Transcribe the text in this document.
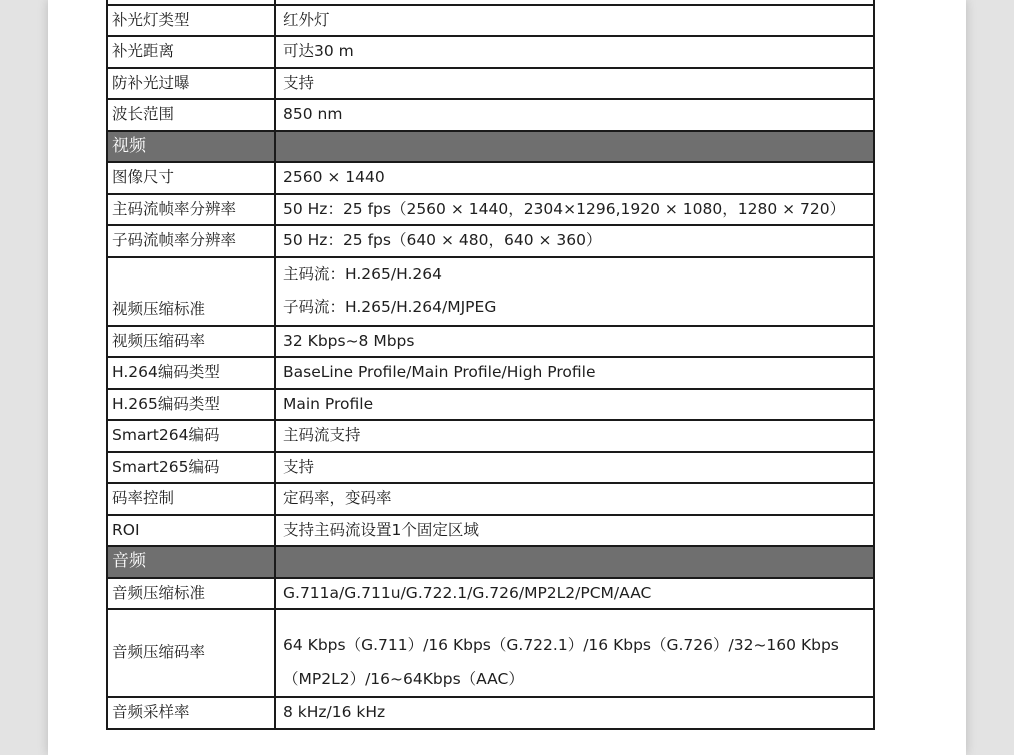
补光灯类型	红外灯
补光距离	可达30 m
防补光过曝	支持
波长范围	850 nm
视频	
图像尺寸	2560 × 1440
主码流帧率分辨率	50 Hz：25 fps（2560 × 1440，2304×1296,1920 × 1080，1280 × 720）
子码流帧率分辨率	50 Hz：25 fps（640 × 480，640 × 360）
视频压缩标准	主码流：H.265/H.264
子码流：H.265/H.264/MJPEG

视频压缩码率	32 Kbps~8 Mbps
H.264编码类型	BaseLine Profile/Main Profile/High Profile
H.265编码类型	Main Profile
Smart264编码	主码流支持
Smart265编码	支持
码率控制	定码率，变码率
ROI	支持主码流设置1个固定区域
音频	
音频压缩标准	G.711a/G.711u/G.722.1/G.726/MP2L2/PCM/AAC
音频压缩码率	64 Kbps（G.711）/16 Kbps（G.722.1）/16 Kbps（G.726）/32~160 Kbps（MP2L2）/16~64Kbps（AAC）
音频采样率	8 kHz/16 kHz
